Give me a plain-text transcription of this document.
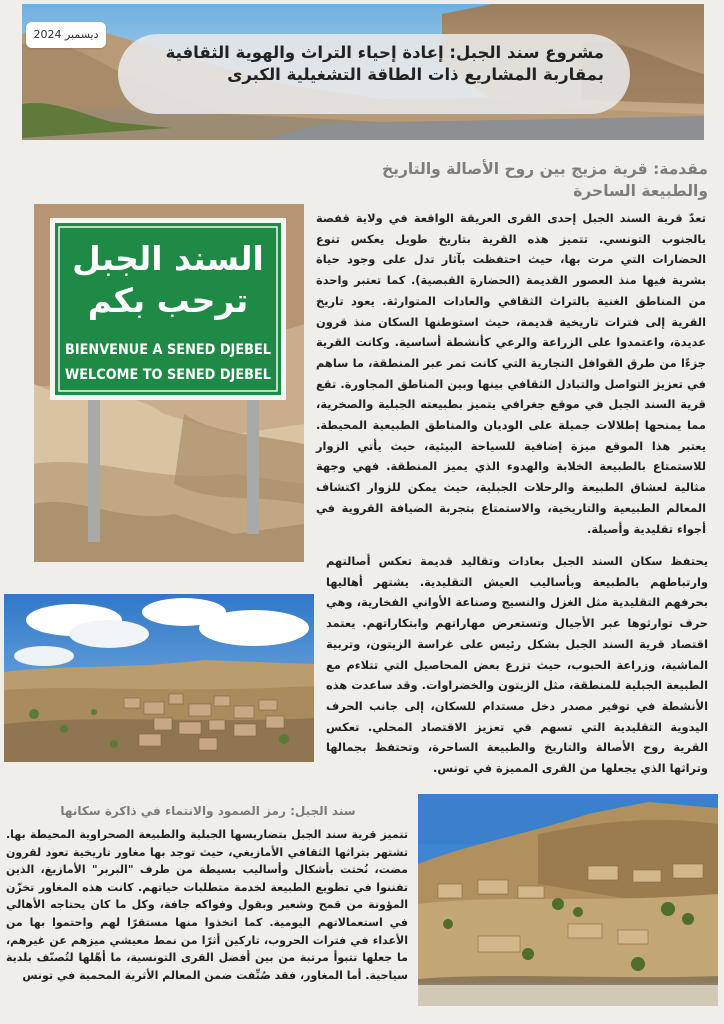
ديسمبر 2024
مشروع سند الجبل: إعادة إحياء التراث والهوية الثقافية بمقاربة المشاريع ذات الطاقة التشغيلية الكبرى
مقدمة: قرية مزيج بين روح الأصالة والتاريخ والطبيعة الساحرة
السند الجبل
ترحب بكم
BIENVENUE A SENED DJEBEL
WELCOME TO SENED DJEBEL

تعدّ قرية السند الجبل إحدى القرى العريقة الواقعة في ولاية قفصة بالجنوب التونسي. تتميز هذه القرية بتاريخ طويل يعكس تنوع الحضارات التي مرت بها، حيث احتفظت بآثار تدل على وجود حياة بشرية فيها منذ العصور القديمة (الحضارة القبصية). كما تعتبر واحدة من المناطق الغنية بالتراث الثقافي والعادات المتوارثة. يعود تاريخ القرية إلى فترات تاريخية قديمة، حيث استوطنها السكان منذ قرون عديدة، واعتمدوا على الزراعة والرعي كأنشطة أساسية. وكانت القرية جزءًا من طرق القوافل التجارية التي كانت تمر عبر المنطقة، ما ساهم في تعزيز التواصل والتبادل الثقافي بينها وبين المناطق المجاورة. تقع قرية السند الجبل في موقع جغرافي يتميز بطبيعته الجبلية والصخرية، مما يمنحها إطلالات جميلة على الوديان والمناطق الطبيعية المحيطة. يعتبر هذا الموقع ميزة إضافية للسياحة البيئية، حيث يأتي الزوار للاستمتاع بالطبيعة الخلابة والهدوء الذي يميز المنطقة. فهي وجهة مثالية لعشاق الطبيعة والرحلات الجبلية، حيث يمكن للزوار اكتشاف المعالم الطبيعية والتاريخية، والاستمتاع بتجربة الضيافة القروية في أجواء تقليدية وأصيلة.

يحتفظ سكان السند الجبل بعادات وتقاليد قديمة تعكس أصالتهم وارتباطهم بالطبيعة وبأساليب العيش التقليدية. يشتهر أهاليها بحرفهم التقليدية مثل الغزل والنسيج وصناعة الأواني الفخارية، وهي حرف توارثوها عبر الأجيال وتستعرض مهاراتهم وابتكاراتهم. يعتمد اقتصاد قرية السند الجبل بشكل رئيس على غراسة الزيتون، وتربية الماشية، وزراعة الحبوب، حيث تزرع بعض المحاصيل التي تتلاءم مع الطبيعة الجبلية للمنطقة، مثل الزيتون والخضراوات. وقد ساعدت هذه الأنشطة في توفير مصدر دخل مستدام للسكان، إلى جانب الحرف اليدوية التقليدية التي تسهم في تعزيز الاقتصاد المحلي. تعكس القرية روح الأصالة والتاريخ والطبيعة الساحرة، وتحتفظ بجمالها وتراثها الذي يجعلها من القرى المميزة في تونس.

سند الجبل: رمز الصمود والانتماء في ذاكرة سكانها

تتميز قرية سند الجبل بتضاريسها الجبلية والطبيعة الصحراوية المحيطة بها. تشتهر بتراثها الثقافي الأمازيغي، حيث توجد بها مغاور تاريخية تعود لقرون مضت، نُحتت بأشكال وأساليب بسيطة من طرف "البربر" الأمازيغ، الذين تفننوا في تطويع الطبيعة لخدمة متطلبات حياتهم. كانت هذه المغاور تخزّن المؤونة من قمح وشعير وبقول وفواكه جافة، وكل ما كان يحتاجه الأهالي في استعمالاتهم اليومية. كما اتخذوا منها مستقرًا لهم واحتموا بها من الأعداء في فترات الحروب، تاركين أثرًا من نمط معيشي ميزهم عن غيرهم، ما جعلها تتبوأ مرتبة من بين أفضل القرى التونسية، ما أهّلها لتُصنّف بلدية سياحية. أما المغاور، فقد صُنِّفت ضمن المعالم الأثرية المحمية في تونس
